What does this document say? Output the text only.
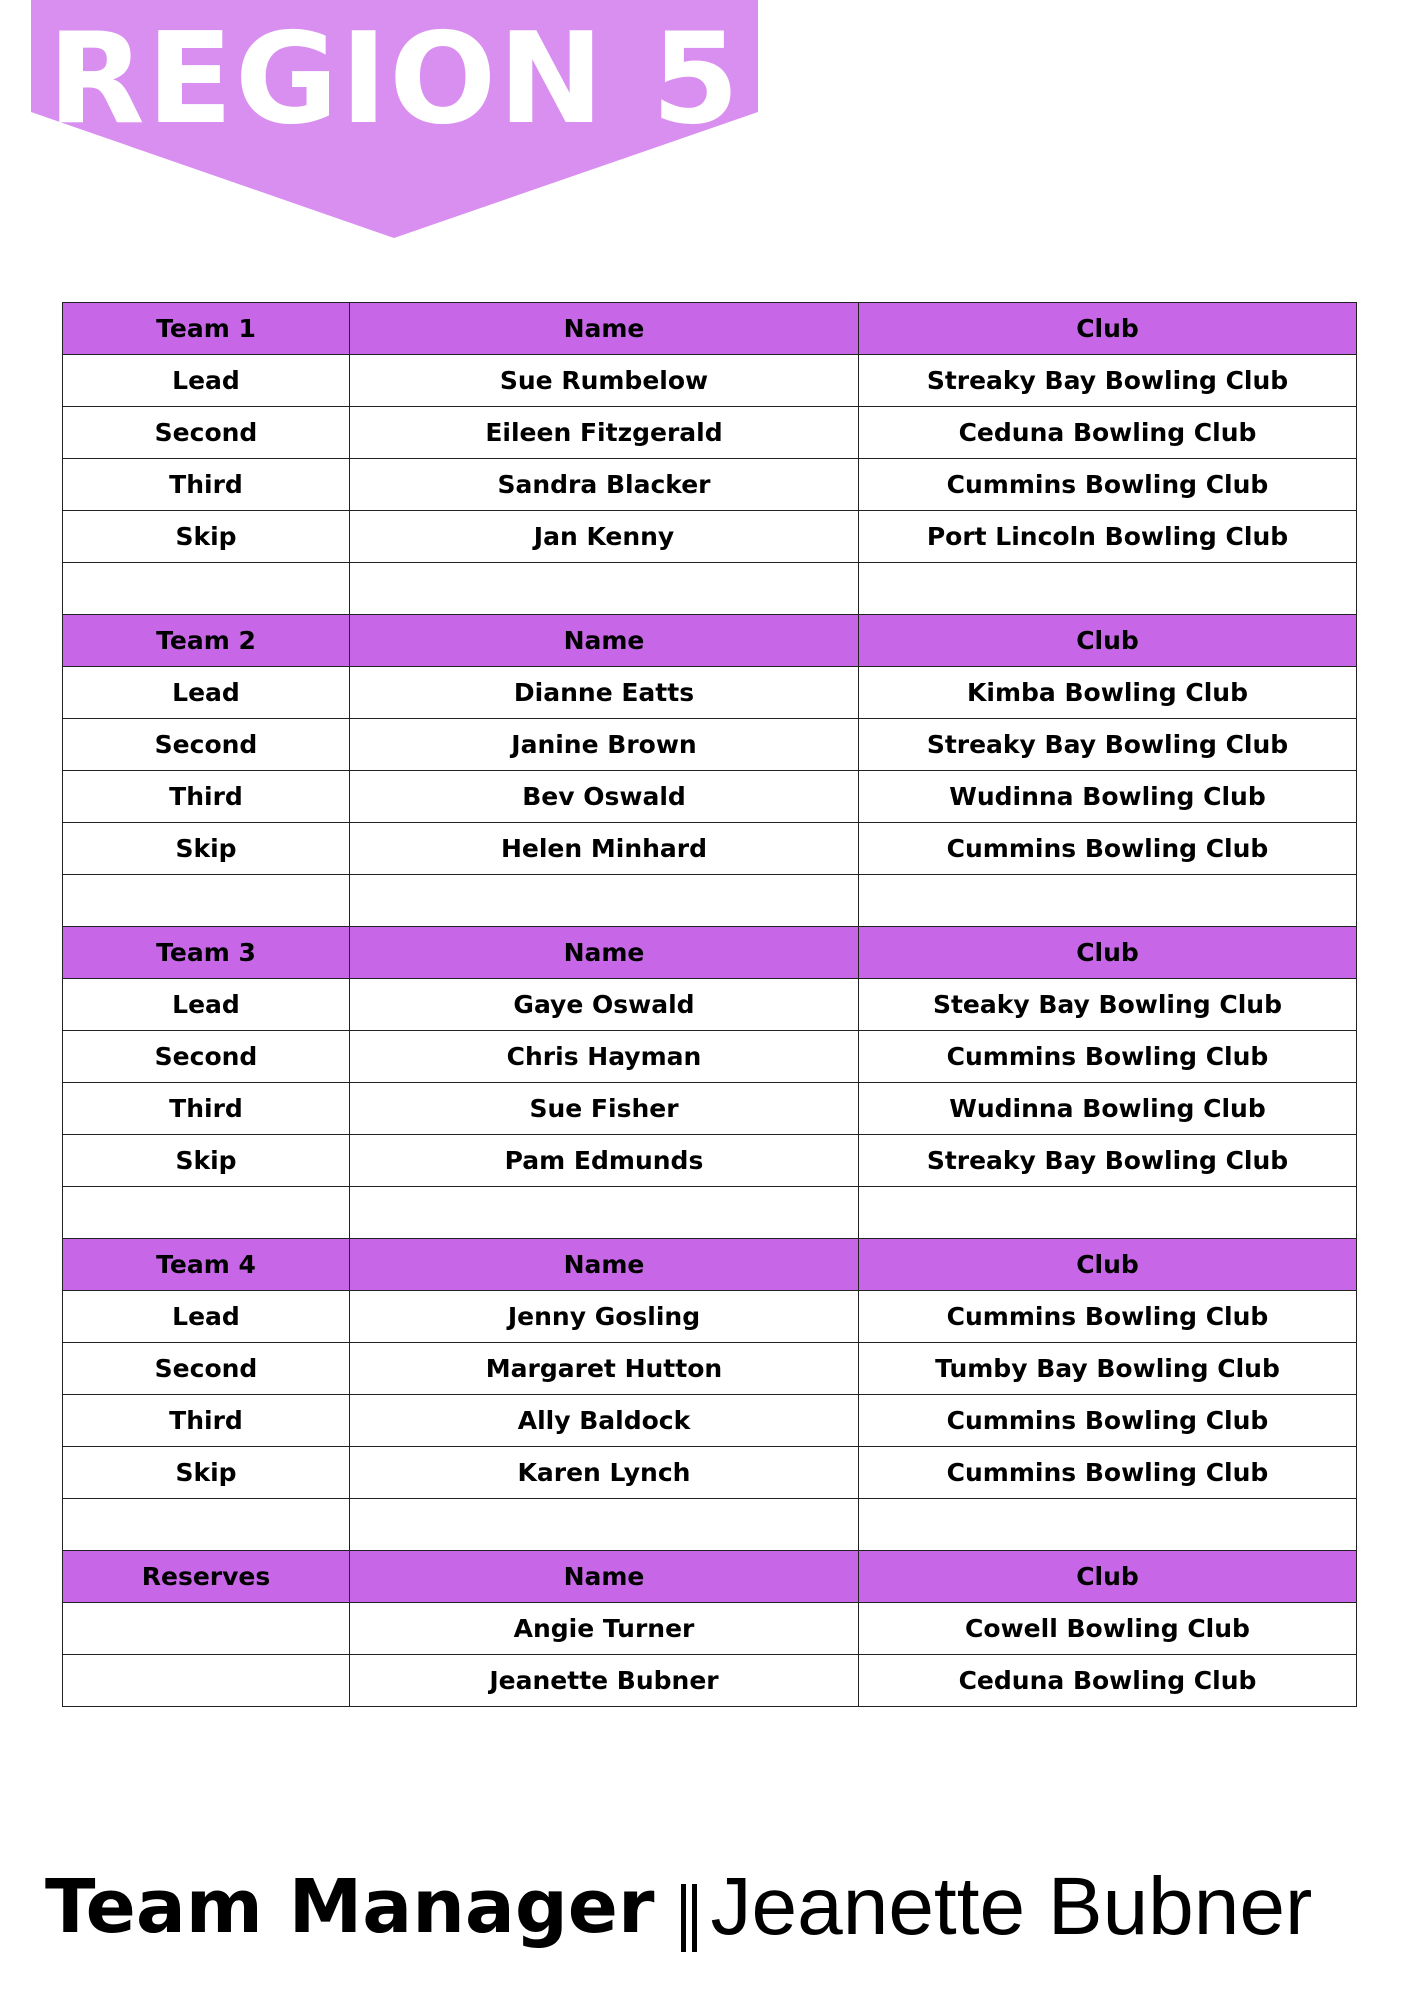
REGION 5
Team 1	Name	Club
Lead	Sue Rumbelow	Streaky Bay Bowling Club
Second	Eileen Fitzgerald	Ceduna Bowling Club
Third	Sandra Blacker	Cummins Bowling Club
Skip	Jan Kenny	Port Lincoln Bowling Club

Team 2	Name	Club
Lead	Dianne Eatts	Kimba Bowling Club
Second	Janine Brown	Streaky Bay Bowling Club
Third	Bev Oswald	Wudinna Bowling Club
Skip	Helen Minhard	Cummins Bowling Club

Team 3	Name	Club
Lead	Gaye Oswald	Steaky Bay Bowling Club
Second	Chris Hayman	Cummins Bowling Club
Third	Sue Fisher	Wudinna Bowling Club
Skip	Pam Edmunds	Streaky Bay Bowling Club

Team 4	Name	Club
Lead	Jenny Gosling	Cummins Bowling Club
Second	Margaret Hutton	Tumby Bay Bowling Club
Third	Ally Baldock	Cummins Bowling Club
Skip	Karen Lynch	Cummins Bowling Club

Reserves	Name	Club
	Angie Turner	Cowell Bowling Club
	Jeanette Bubner	Ceduna Bowling Club
Team Manager Jeanette Bubner
